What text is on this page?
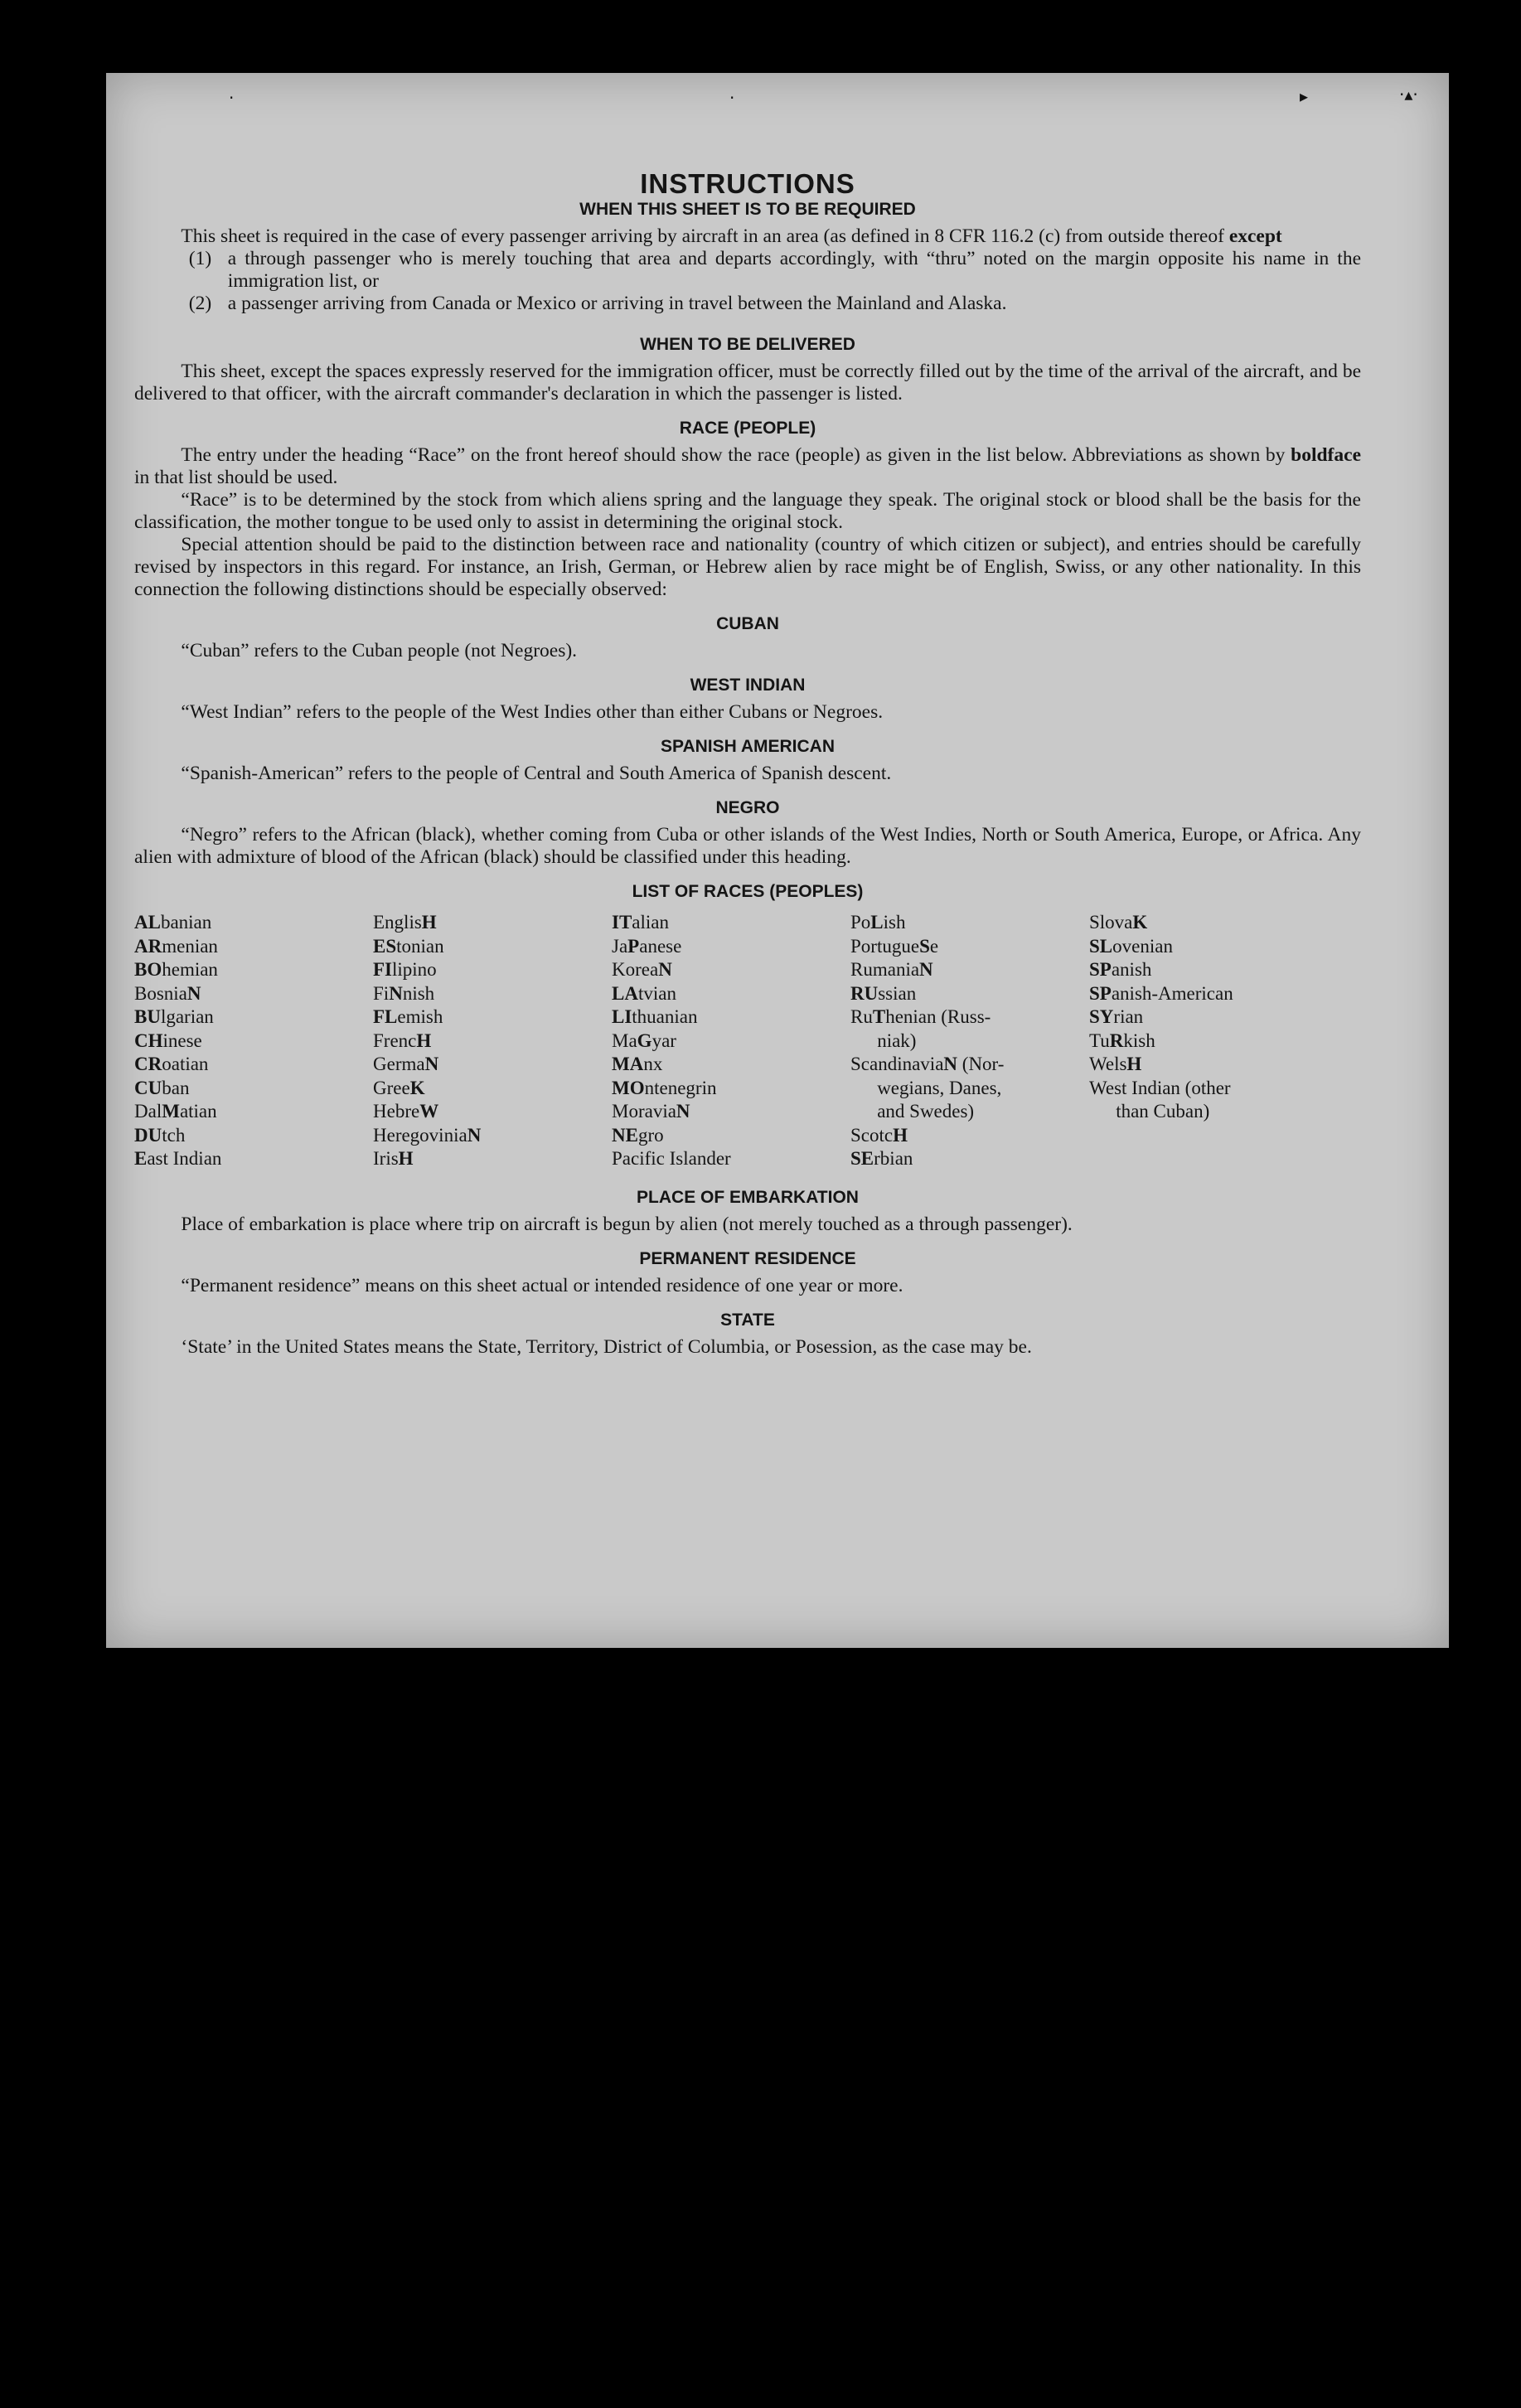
·	·	▸	·▴·
INSTRUCTIONS
WHEN THIS SHEET IS TO BE REQUIRED

This sheet is required in the case of every passenger arriving by aircraft in an area (as defined in 8 CFR 116.2 (c) from outside thereof except

(1) a through passenger who is merely touching that area and departs accordingly, with “thru” noted on the margin opposite his name in the immigration list, or
(2) a passenger arriving from Canada or Mexico or arriving in travel between the Mainland and Alaska.
WHEN TO BE DELIVERED

This sheet, except the spaces expressly reserved for the immigration officer, must be correctly filled out by the time of the arrival of the aircraft, and be delivered to that officer, with the aircraft commander's declaration in which the passenger is listed.

RACE (PEOPLE)

The entry under the heading “Race” on the front hereof should show the race (people) as given in the list below. Abbreviations as shown by boldface in that list should be used.

“Race” is to be determined by the stock from which aliens spring and the language they speak. The original stock or blood shall be the basis for the classification, the mother tongue to be used only to assist in determining the original stock.

Special attention should be paid to the distinction between race and nationality (country of which citizen or subject), and entries should be carefully revised by inspectors in this regard. For instance, an Irish, German, or Hebrew alien by race might be of English, Swiss, or any other nationality. In this connection the following distinctions should be especially observed:

CUBAN

“Cuban” refers to the Cuban people (not Negroes).

WEST INDIAN

“West Indian” refers to the people of the West Indies other than either Cubans or Negroes.

SPANISH AMERICAN

“Spanish-American” refers to the people of Central and South America of Spanish descent.

NEGRO

“Negro” refers to the African (black), whether coming from Cuba or other islands of the West Indies, North or South America, Europe, or Africa. Any alien with admixture of blood of the African (black) should be classified under this heading.

LIST OF RACES (PEOPLES)
ALbanian
ARmenian
BOhemian
BosniaN
BUlgarian
CHinese
CRoatian
CUban
DalMatian
DUtch
East Indian
EnglisH
EStonian
FIlipino
FiNnish
FLemish
FrencH
GermaN
GreeK
HebreW
HeregoviniaN
IrisH
ITalian
JaPanese
KoreaN
LAtvian
LIthuanian
MaGyar
MAnx
MOntenegrin
MoraviaN
NEgro
Pacific Islander
PoLish
PortugueSe
RumaniaN
RUssian
RuThenian (Russ-
niak)
ScandinaviaN (Nor-
wegians, Danes,
and Swedes)
ScotcH
SErbian
SlovaK
SLovenian
SPanish
SPanish-American
SYrian
TuRkish
WelsH
West Indian (other
than Cuban)
PLACE OF EMBARKATION

Place of embarkation is place where trip on aircraft is begun by alien (not merely touched as a through passenger).

PERMANENT RESIDENCE

“Permanent residence” means on this sheet actual or intended residence of one year or more.

STATE

‘State’ in the United States means the State, Territory, District of Columbia, or Posession, as the case may be.
